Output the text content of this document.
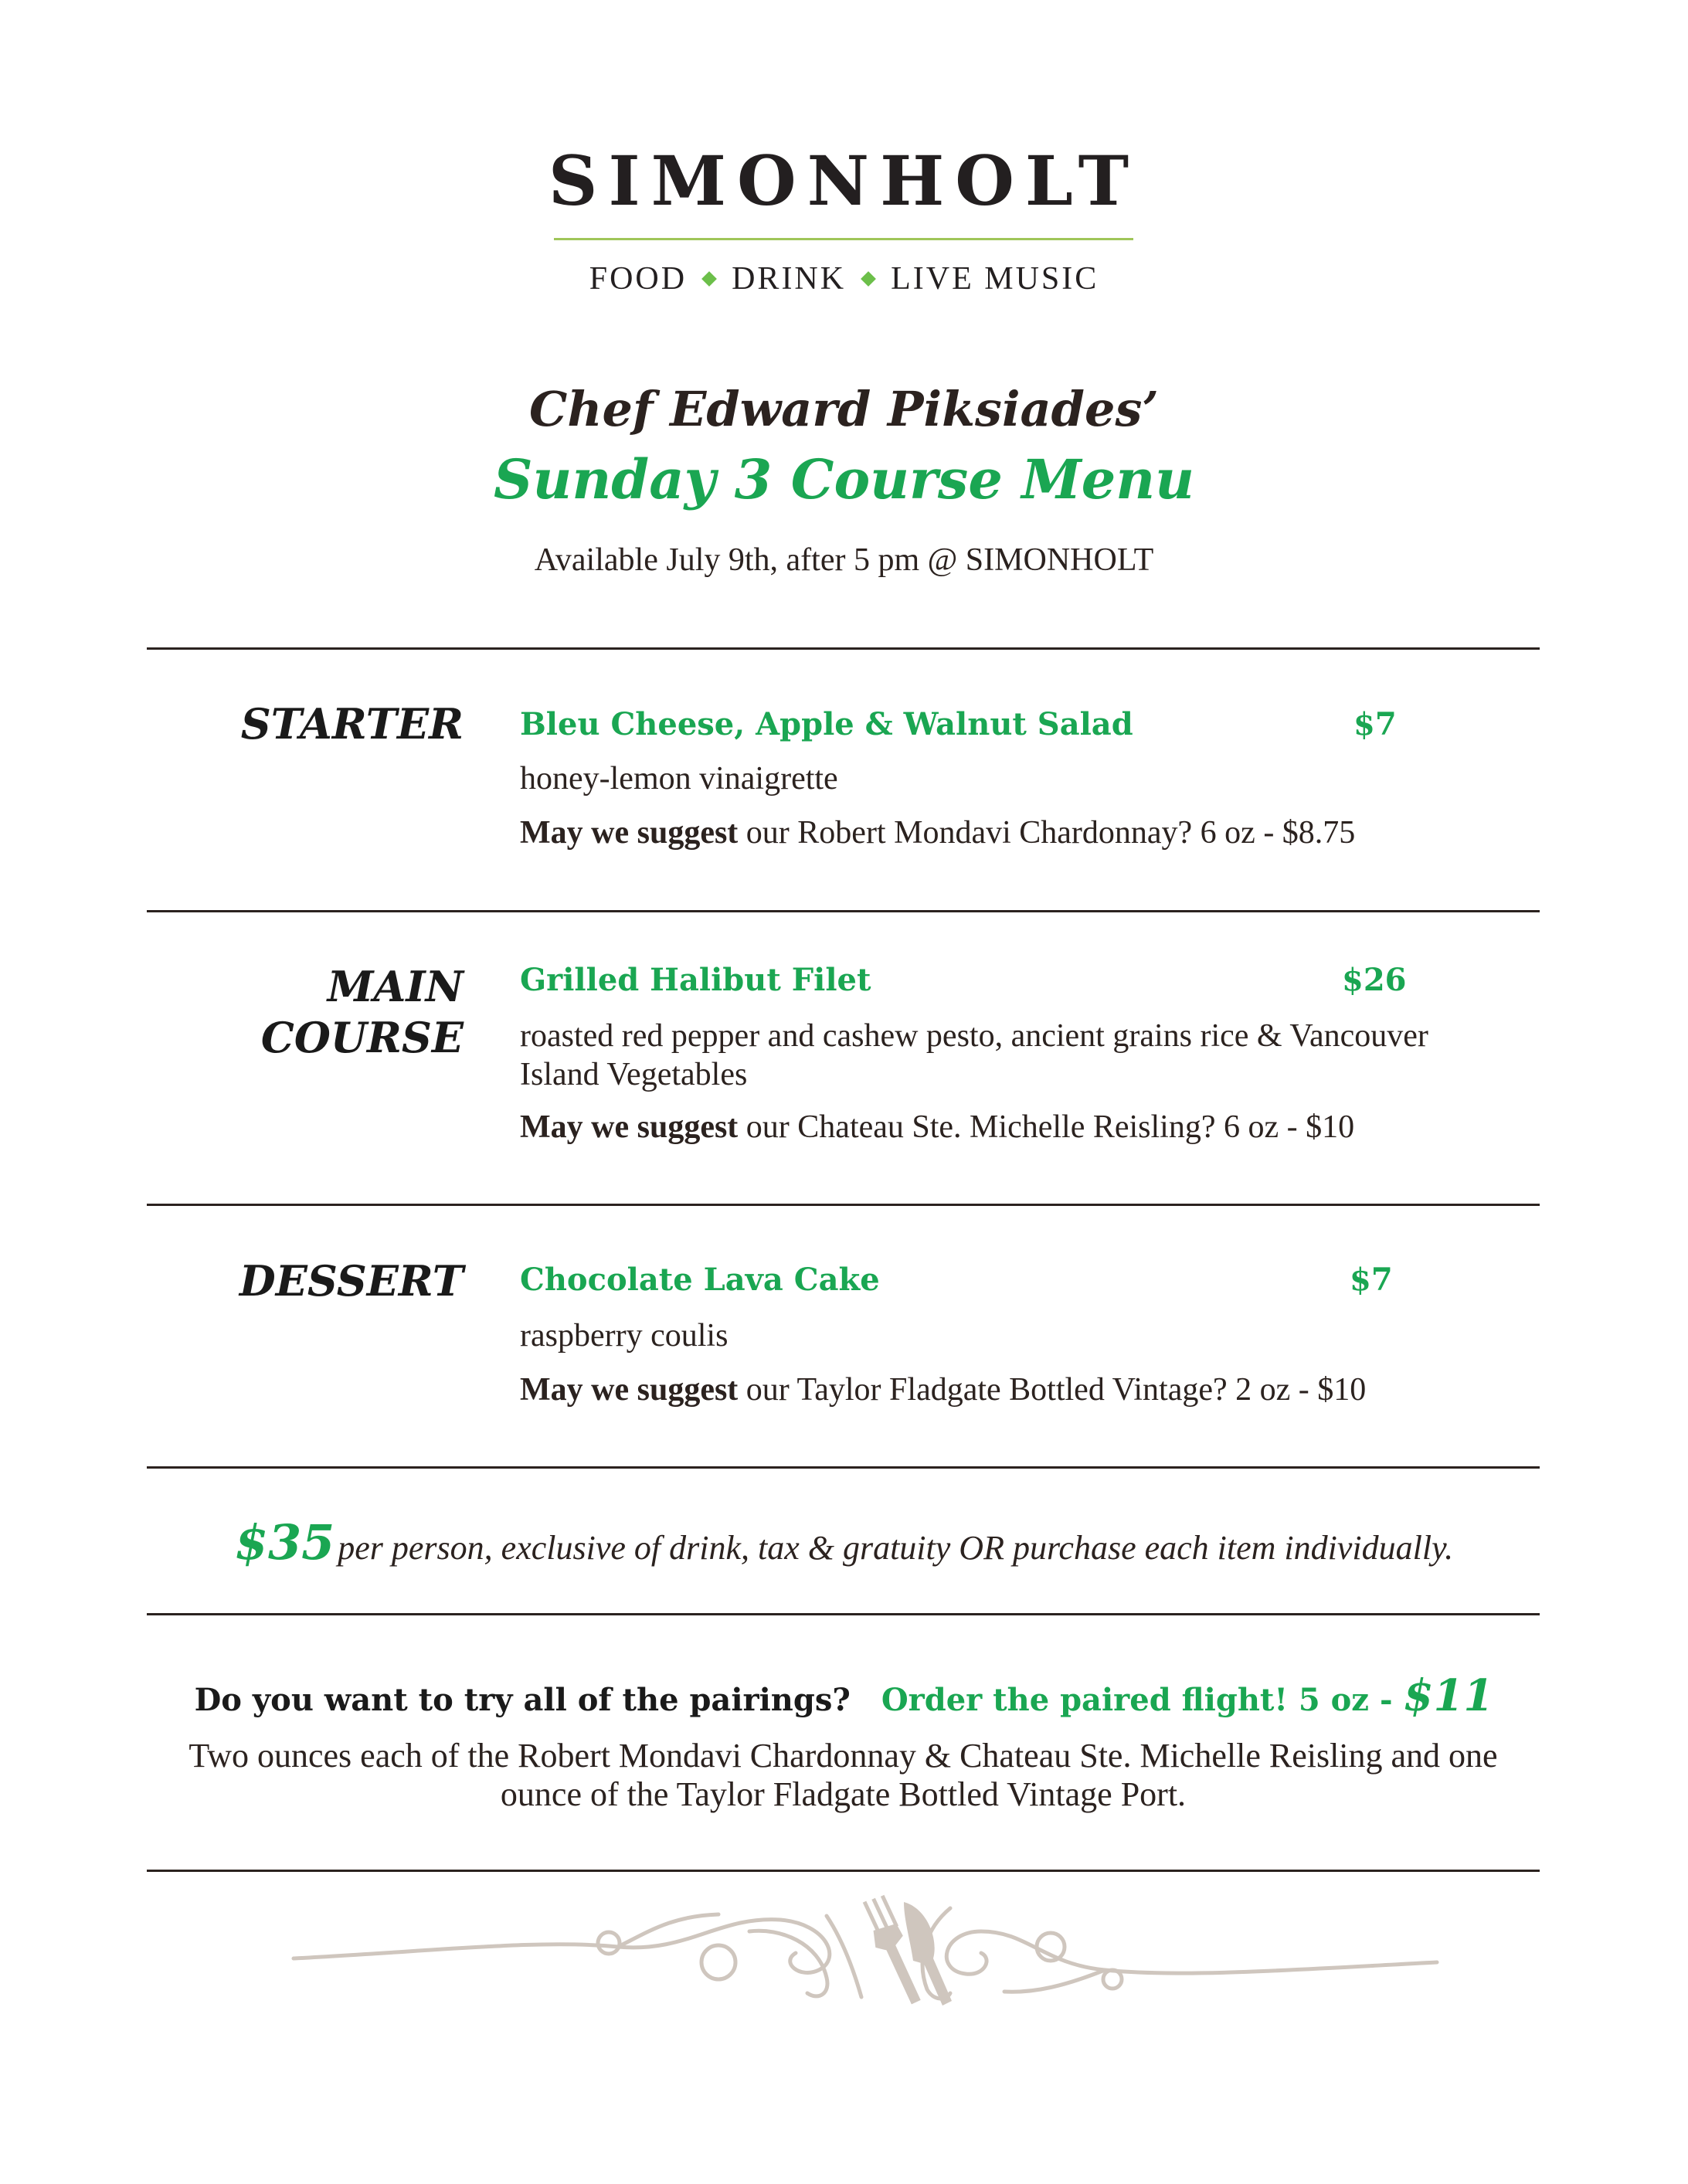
SIMONHOLT
FOOD DRINK LIVE MUSIC
Chef Edward Piksiades’
Sunday 3 Course Menu
Available July 9th, after 5 pm @ SIMONHOLT
STARTER Bleu Cheese, Apple & Walnut Salad	$7
honey-lemon vinaigrette
May we suggest our Robert Mondavi Chardonnay? 6 oz - $8.75
MAIN
COURSE
Grilled Halibut Filet	$26
roasted red pepper and cashew pesto, ancient grains rice & Vancouver Island Vegetables
May we suggest our Chateau Ste. Michelle Reisling? 6 oz - $10
DESSERT Chocolate Lava Cake	$7
raspberry coulis
May we suggest our Taylor Fladgate Bottled Vintage? 2 oz - $10
$35 per person, exclusive of drink, tax & gratuity OR purchase each item individually.
Do you want to try all of the pairings? Order the paired flight! 5 oz - $11
Two ounces each of the Robert Mondavi Chardonnay & Chateau Ste. Michelle Reisling and one ounce of the Taylor Fladgate Bottled Vintage Port.
